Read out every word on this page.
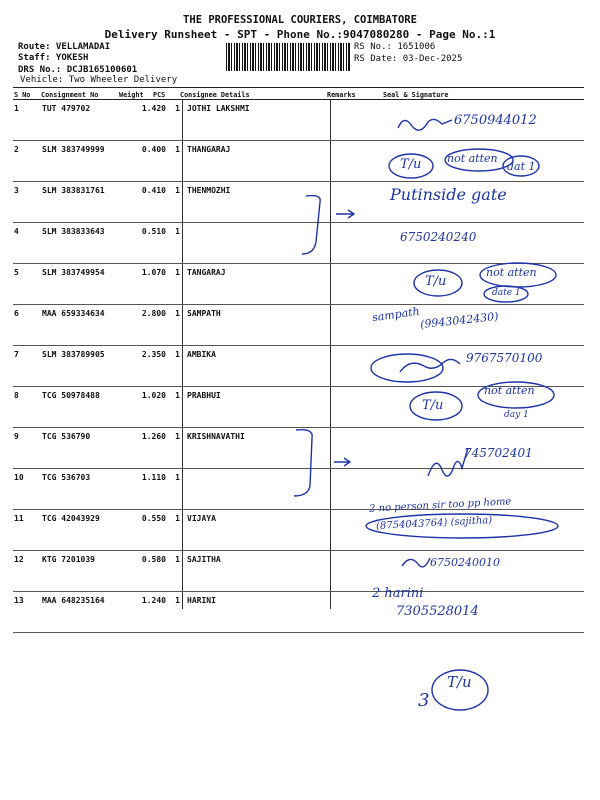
THE PROFESSIONAL COURIERS, COIMBATORE
Delivery Runsheet - SPT - Phone No.:9047080280 - Page No.:1
Route: VELLAMADAI
Staff: YOKESH
DRS No.: DCJB165100601
Vehicle: Two Wheeler Delivery
RS No.: 1651006
RS Date: 03-Dec-2025
S No Consignment No	Weight PCS Consignee Details	Remarks	Seal & Signature
1	TUT 479702	1.420	1 JOTHI LAKSHMI
2	SLM 383749999	0.400	1 THANGARAJ
3	SLM 383831761	0.410	1 THENMOZHI
4	SLM 383833643	0.510	1
5	SLM 383749954	1.070	1 TANGARAJ
6	MAA 659334634	2.800	1 SAMPATH
7	SLM 383789905	2.350	1 AMBIKA
8	TCG 50978488	1.020	1 PRABHUI
9	TCG 536790	1.260	1 KRISHNAVATHI
10 TCG 536703	1.110	1
11 TCG 42043929	0.550	1 VIJAYA
12 KTG 7201039	0.580	1 SAJITHA
13 MAA 648235164	1.240	1 HARINI
6750944012
T/u not atten
dat 1
Putinside gate
6750240240
T/u
not atten
date 1
sampath (9943042430)
9767570100
T/u
not atten
day 1
745702401
2 no person sir too pp home
(8754043764) (sajitha)
6750240010
2 harini
7305528014
3
T/u
